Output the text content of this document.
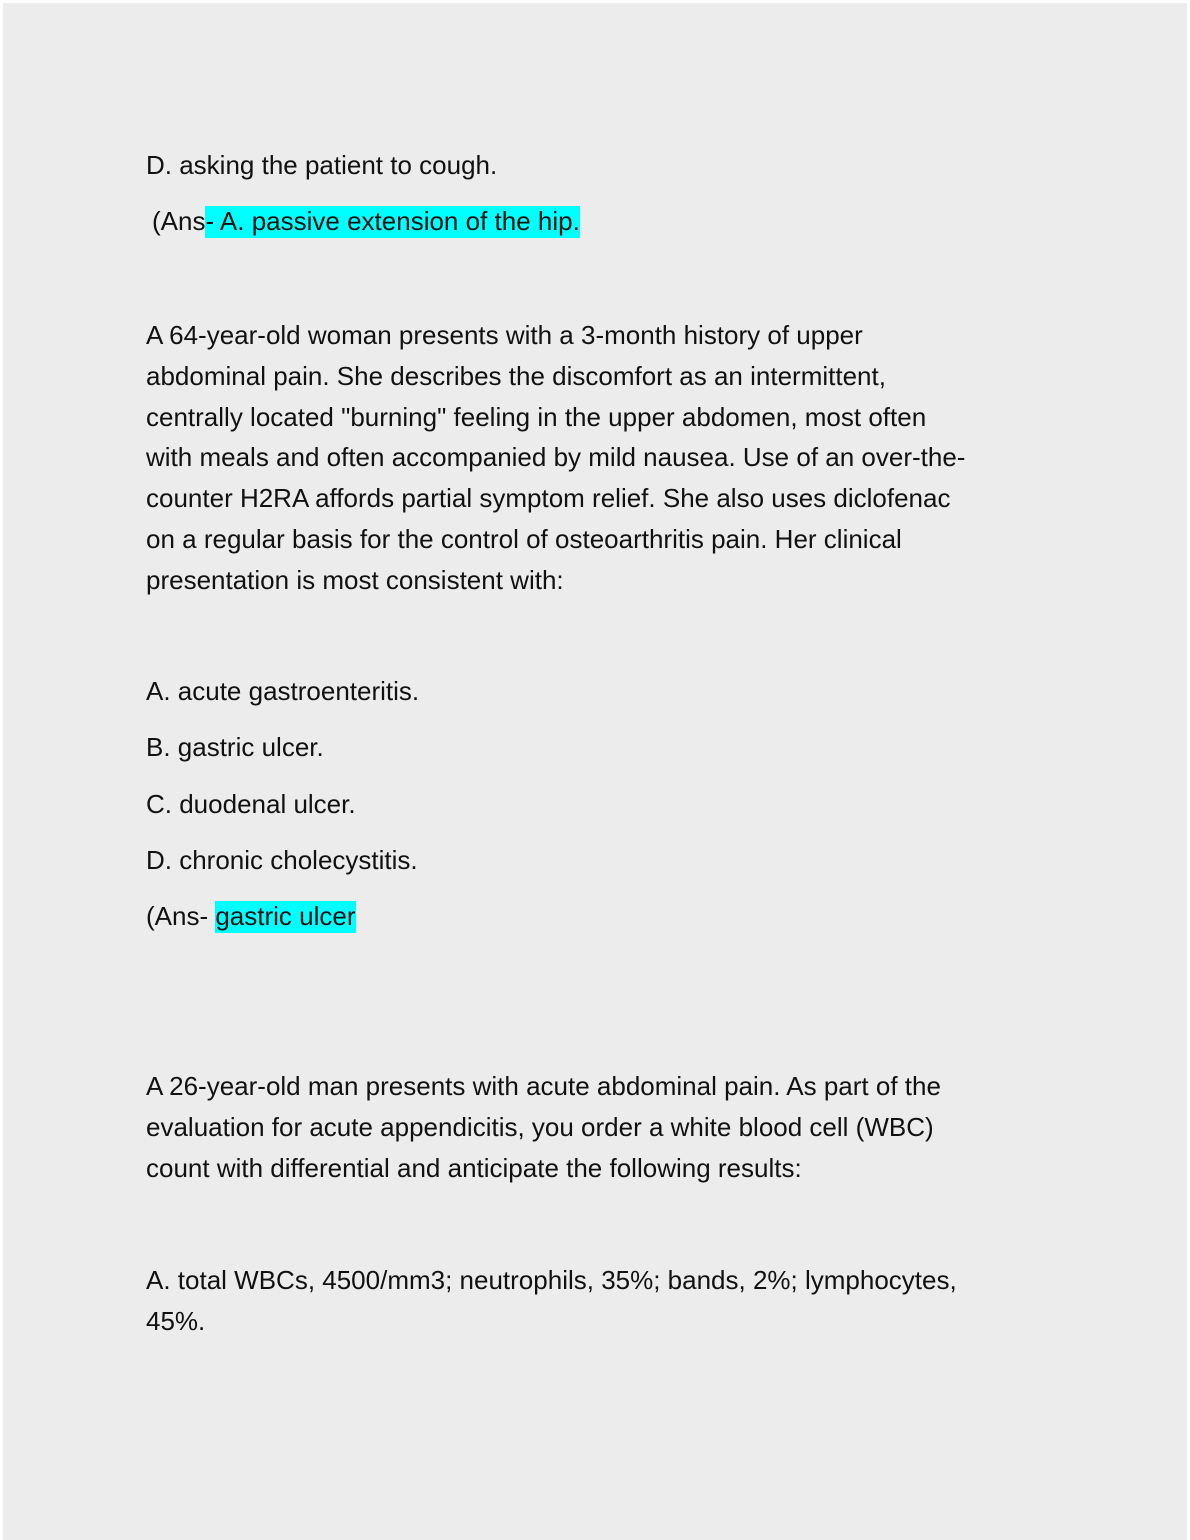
D. asking the patient to cough.

(Ans- A. passive extension of the hip.

A 64-year-old woman presents with a 3-month history of upper
abdominal pain. She describes the discomfort as an intermittent,
centrally located "burning" feeling in the upper abdomen, most often
with meals and often accompanied by mild nausea. Use of an over-the-
counter H2RA affords partial symptom relief. She also uses diclofenac
on a regular basis for the control of osteoarthritis pain. Her clinical
presentation is most consistent with:

A. acute gastroenteritis.

B. gastric ulcer.

C. duodenal ulcer.

D. chronic cholecystitis.

(Ans- gastric ulcer

A 26-year-old man presents with acute abdominal pain. As part of the
evaluation for acute appendicitis, you order a white blood cell (WBC)
count with differential and anticipate the following results:
A. total WBCs, 4500/mm3; neutrophils, 35%; bands, 2%; lymphocytes,
45%.
